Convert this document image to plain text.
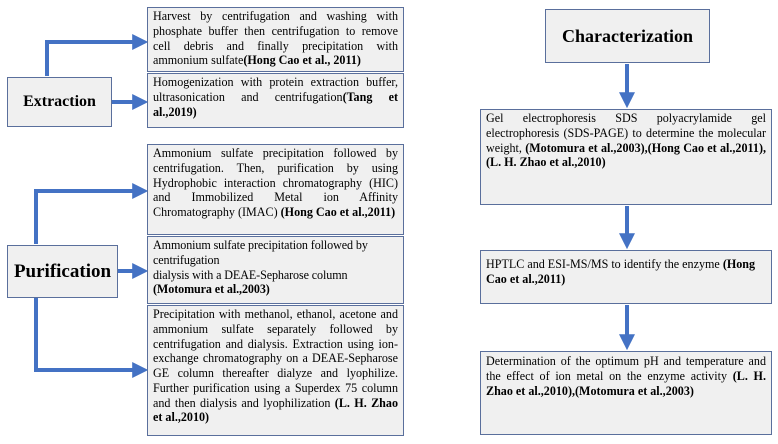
Extraction
Harvest by centrifugation and washing with phosphate buffer then centrifugation to remove cell debris and finally precipitation with ammonium sulfate(Hong Cao et al., 2011)
Homogenization with protein extraction buffer, ultrasonication and centrifugation(Tang et al.,2019)
Purification
Ammonium sulfate precipitation followed by centrifugation. Then, purification by using Hydrophobic interaction chromatography (HIC) and Immobilized Metal ion Affinity Chromatography (IMAC) (Hong Cao et al.,2011)
Ammonium sulfate precipitation followed by centrifugation
dialysis with a DEAE-Sepharose column
(Motomura et al.,2003)
Precipitation with methanol, ethanol, acetone and ammonium sulfate separately followed by centrifugation and dialysis. Extraction using ion-exchange chromatography on a DEAE-Sepharose GE column thereafter dialyze and lyophilize. Further purification using a Superdex 75 column and then dialysis and lyophilization (L. H. Zhao et al.,2010)
Characterization
Gel electrophoresis SDS polyacrylamide gel electrophoresis (SDS-PAGE) to determine the molecular weight, (Motomura et al.,2003),(Hong Cao et al.,2011),(L. H. Zhao et al.,2010)
HPTLC and ESI-MS/MS to identify the enzyme (Hong Cao et al.,2011)
Determination of the optimum pH and temperature and the effect of ion metal on the enzyme activity (L. H. Zhao et al.,2010),(Motomura et al.,2003)
